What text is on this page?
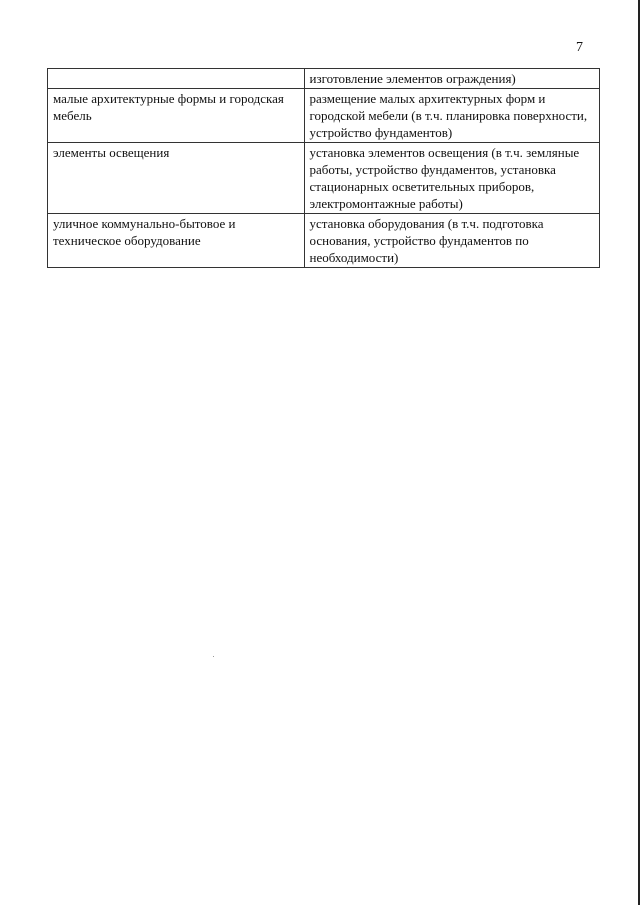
7
	изготовление элементов ограждения)
малые архитектурные формы и городская мебель	размещение малых архитектурных форм и городской мебели (в т.ч. планировка поверхности, устройство фундаментов)
элементы освещения	установка элементов освещения (в т.ч. земляные работы, устройство фундаментов, установка стационарных осветительных приборов, электромонтажные работы)
уличное коммунально-бытовое и техническое оборудование	установка оборудования (в т.ч. подготовка основания, устройство фундаментов по необходимости)
